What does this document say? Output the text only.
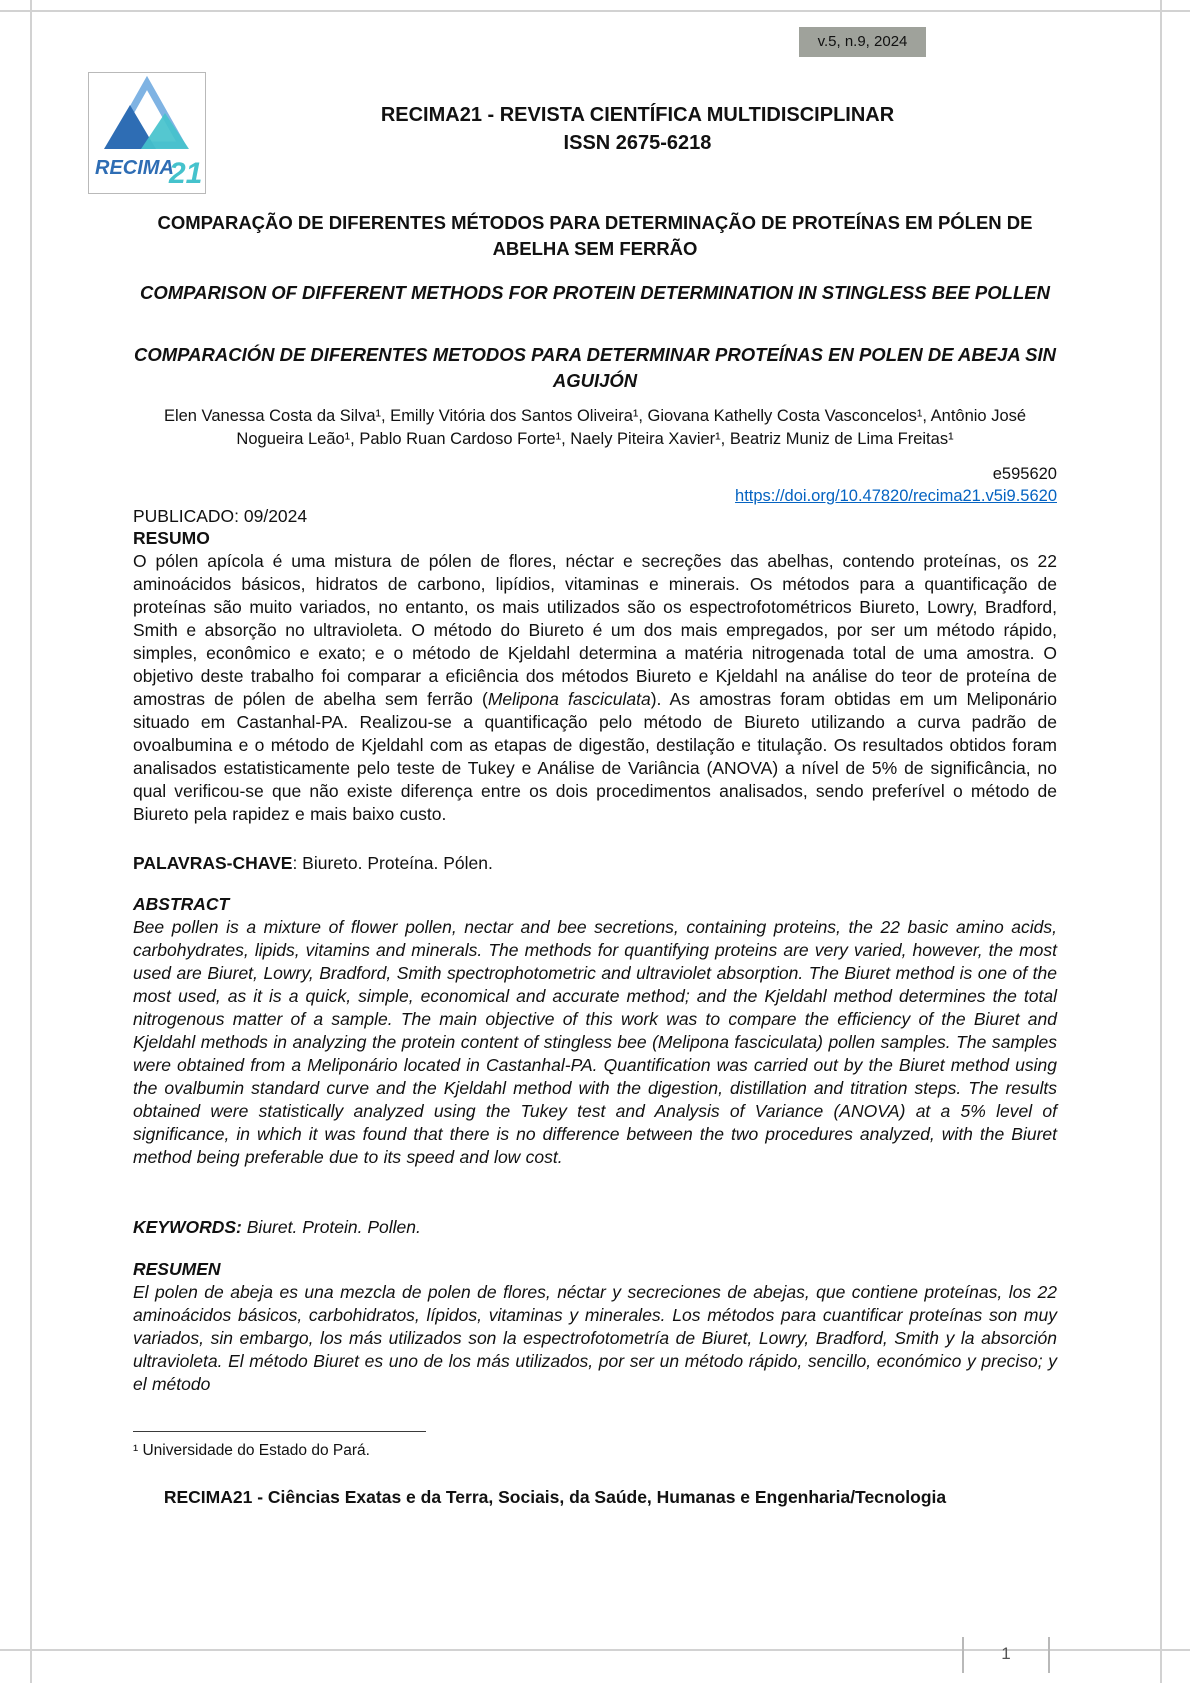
v.5, n.9, 2024
RECIMA
21
RECIMA21 - REVISTA CIENTÍFICA MULTIDISCIPLINAR
ISSN 2675-6218
COMPARAÇÃO DE DIFERENTES MÉTODOS PARA DETERMINAÇÃO DE PROTEÍNAS EM PÓLEN DE ABELHA SEM FERRÃO
COMPARISON OF DIFFERENT METHODS FOR PROTEIN DETERMINATION IN STINGLESS BEE POLLEN
COMPARACIÓN DE DIFERENTES METODOS PARA DETERMINAR PROTEÍNAS EN POLEN DE ABEJA SIN AGUIJÓN
Elen Vanessa Costa da Silva¹, Emilly Vitória dos Santos Oliveira¹, Giovana Kathelly Costa Vasconcelos¹, Antônio José Nogueira Leão¹, Pablo Ruan Cardoso Forte¹, Naely Piteira Xavier¹, Beatriz Muniz de Lima Freitas¹
e595620
https://doi.org/10.47820/recima21.v5i9.5620
PUBLICADO: 09/2024
RESUMO
O pólen apícola é uma mistura de pólen de flores, néctar e secreções das abelhas, contendo proteínas, os 22 aminoácidos básicos, hidratos de carbono, lipídios, vitaminas e minerais. Os métodos para a quantificação de proteínas são muito variados, no entanto, os mais utilizados são os espectrofotométricos Biureto, Lowry, Bradford, Smith e absorção no ultravioleta. O método do Biureto é um dos mais empregados, por ser um método rápido, simples, econômico e exato; e o método de Kjeldahl determina a matéria nitrogenada total de uma amostra. O objetivo deste trabalho foi comparar a eficiência dos métodos Biureto e Kjeldahl na análise do teor de proteína de amostras de pólen de abelha sem ferrão (Melipona fasciculata). As amostras foram obtidas em um Meliponário situado em Castanhal-PA. Realizou-se a quantificação pelo método de Biureto utilizando a curva padrão de ovoalbumina e o método de Kjeldahl com as etapas de digestão, destilação e titulação. Os resultados obtidos foram analisados estatisticamente pelo teste de Tukey e Análise de Variância (ANOVA) a nível de 5% de significância, no qual verificou-se que não existe diferença entre os dois procedimentos analisados, sendo preferível o método de Biureto pela rapidez e mais baixo custo.
PALAVRAS-CHAVE: Biureto. Proteína. Pólen.
ABSTRACT
Bee pollen is a mixture of flower pollen, nectar and bee secretions, containing proteins, the 22 basic amino acids, carbohydrates, lipids, vitamins and minerals. The methods for quantifying proteins are very varied, however, the most used are Biuret, Lowry, Bradford, Smith spectrophotometric and ultraviolet absorption. The Biuret method is one of the most used, as it is a quick, simple, economical and accurate method; and the Kjeldahl method determines the total nitrogenous matter of a sample. The main objective of this work was to compare the efficiency of the Biuret and Kjeldahl methods in analyzing the protein content of stingless bee (Melipona fasciculata) pollen samples. The samples were obtained from a Meliponário located in Castanhal-PA. Quantification was carried out by the Biuret method using the ovalbumin standard curve and the Kjeldahl method with the digestion, distillation and titration steps. The results obtained were statistically analyzed using the Tukey test and Analysis of Variance (ANOVA) at a 5% level of significance, in which it was found that there is no difference between the two procedures analyzed, with the Biuret method being preferable due to its speed and low cost.
KEYWORDS: Biuret. Protein. Pollen.
RESUMEN
El polen de abeja es una mezcla de polen de flores, néctar y secreciones de abejas, que contiene proteínas, los 22 aminoácidos básicos, carbohidratos, lípidos, vitaminas y minerales. Los métodos para cuantificar proteínas son muy variados, sin embargo, los más utilizados son la espectrofotometría de Biuret, Lowry, Bradford, Smith y la absorción ultravioleta. El método Biuret es uno de los más utilizados, por ser un método rápido, sencillo, económico y preciso; y el método
¹ Universidade do Estado do Pará.
RECIMA21 - Ciências Exatas e da Terra, Sociais, da Saúde, Humanas e Engenharia/Tecnologia
1
